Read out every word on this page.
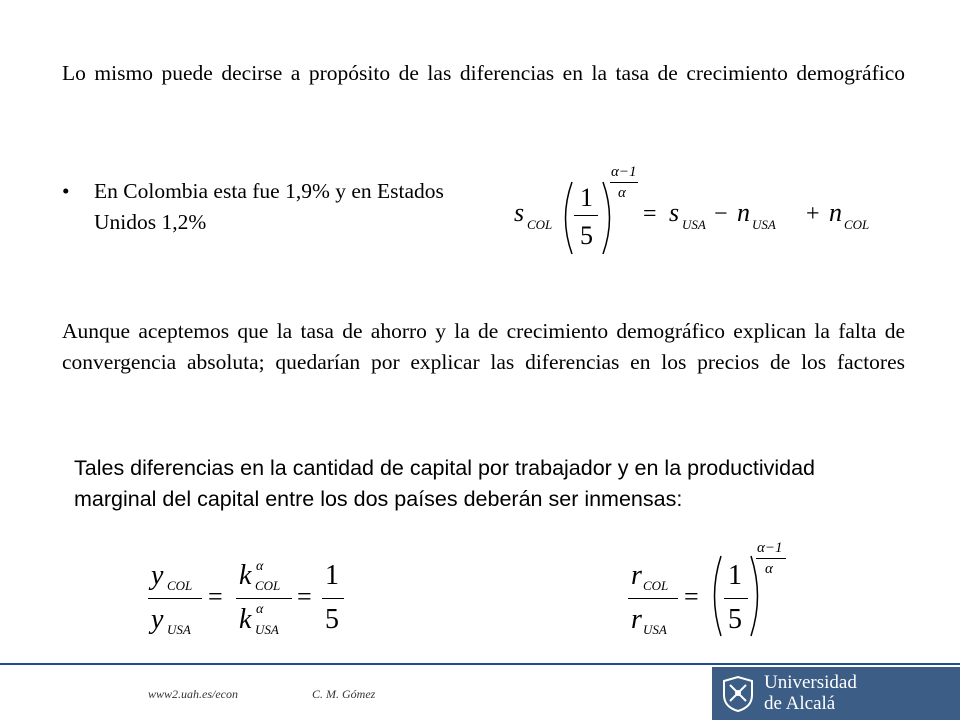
Lo mismo puede decirse a propósito de las diferencias en la tasa de crecimiento demográfico
• En Colombia esta fue 1,9% y en Estados Unidos 1,2%	s COL
1
5
α−1
α
= s USA − n USA + n COL
Aunque aceptemos que la tasa de ahorro y la de crecimiento demográfico explican la falta de convergencia absoluta; quedarían por explicar las diferencias en los precios de los factores
Tales diferencias en la cantidad de capital por trabajador y en la productividad marginal del capital entre los dos países deberán ser inmensas:
y COL
y USA
=
k α
COL
k α
USA
=
1
5
r COL
r USA
=
1
5
α−1
α
www2.uah.es/econ	C. M. Gómez
Universidad
de Alcalá
